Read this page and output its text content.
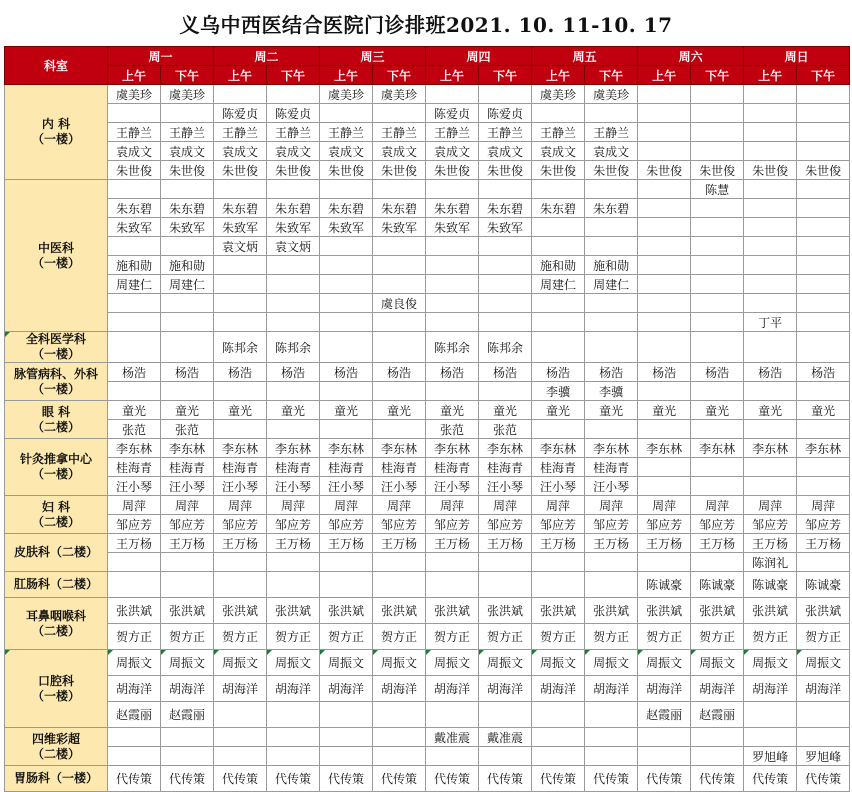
义乌中西医结合医院门诊排班2021. 10. 11-10. 17
科室	周一		周二		周三		周四		周五		周六		周日	
	上午	下午	上午	下午	上午	下午	上午	下午	上午	下午	上午	下午	上午	下午

内 科
（一楼）	虞美珍	虞美珍			虞美珍	虞美珍			虞美珍	虞美珍				
			陈爱贞	陈爱贞			陈爱贞	陈爱贞						
	王静兰	王静兰	王静兰	王静兰	王静兰	王静兰	王静兰	王静兰	王静兰	王静兰				
	袁成文	袁成文	袁成文	袁成文	袁成文	袁成文	袁成文	袁成文	袁成文	袁成文				
	朱世俊	朱世俊	朱世俊	朱世俊	朱世俊	朱世俊	朱世俊	朱世俊	朱世俊	朱世俊	朱世俊	朱世俊	朱世俊	朱世俊

中医科
（一楼）												陈慧		
	朱东碧	朱东碧	朱东碧	朱东碧	朱东碧	朱东碧	朱东碧	朱东碧	朱东碧	朱东碧				
	朱致军	朱致军	朱致军	朱致军	朱致军	朱致军	朱致军	朱致军						
			袁文炳	袁文炳										
	施和勋	施和勋							施和勋	施和勋				
	周建仁	周建仁							周建仁	周建仁				
						虞良俊								
													丁平	

全科医学科
（一楼）			陈邦余	陈邦余			陈邦余	陈邦余						

脉管病科、外科
（一楼）	杨浩	杨浩	杨浩	杨浩	杨浩	杨浩	杨浩	杨浩	杨浩	杨浩	杨浩	杨浩	杨浩	杨浩
									李骥	李骥				

眼 科
（二楼）	童光	童光	童光	童光	童光	童光	童光	童光	童光	童光	童光	童光	童光	童光
	张范	张范					张范	张范						

针灸推拿中心
（一楼）	李东林	李东林	李东林	李东林	李东林	李东林	李东林	李东林	李东林	李东林	李东林	李东林	李东林	李东林
	桂海青	桂海青	桂海青	桂海青	桂海青	桂海青	桂海青	桂海青	桂海青	桂海青				
	汪小琴	汪小琴	汪小琴	汪小琴	汪小琴	汪小琴	汪小琴	汪小琴	汪小琴	汪小琴				

妇 科
（二楼）	周萍	周萍	周萍	周萍	周萍	周萍	周萍	周萍	周萍	周萍	周萍	周萍	周萍	周萍
	邹应芳	邹应芳	邹应芳	邹应芳	邹应芳	邹应芳	邹应芳	邹应芳	邹应芳	邹应芳	邹应芳	邹应芳	邹应芳	邹应芳

皮肤科（二楼）	王万杨	王万杨	王万杨	王万杨	王万杨	王万杨	王万杨	王万杨	王万杨	王万杨	王万杨	王万杨	王万杨	王万杨
													陈润礼	

肛肠科（二楼）											陈诚豪	陈诚豪	陈诚豪	陈诚豪

耳鼻咽喉科
（二楼）	张洪斌	张洪斌	张洪斌	张洪斌	张洪斌	张洪斌	张洪斌	张洪斌	张洪斌	张洪斌	张洪斌	张洪斌	张洪斌	张洪斌
	贺方正	贺方正	贺方正	贺方正	贺方正	贺方正	贺方正	贺方正	贺方正	贺方正	贺方正	贺方正	贺方正	贺方正

口腔科
（一楼）	周振文	周振文	周振文	周振文	周振文	周振文	周振文	周振文	周振文	周振文	周振文	周振文	周振文	周振文
	胡海洋	胡海洋	胡海洋	胡海洋	胡海洋	胡海洋	胡海洋	胡海洋	胡海洋	胡海洋	胡海洋	胡海洋	胡海洋	胡海洋
	赵霞丽	赵霞丽									赵霞丽	赵霞丽		

四维彩超
（二楼）							戴准震	戴准震						
													罗旭峰	罗旭峰

胃肠科（一楼）	代传策	代传策	代传策	代传策	代传策	代传策	代传策	代传策	代传策	代传策	代传策	代传策	代传策	代传策
